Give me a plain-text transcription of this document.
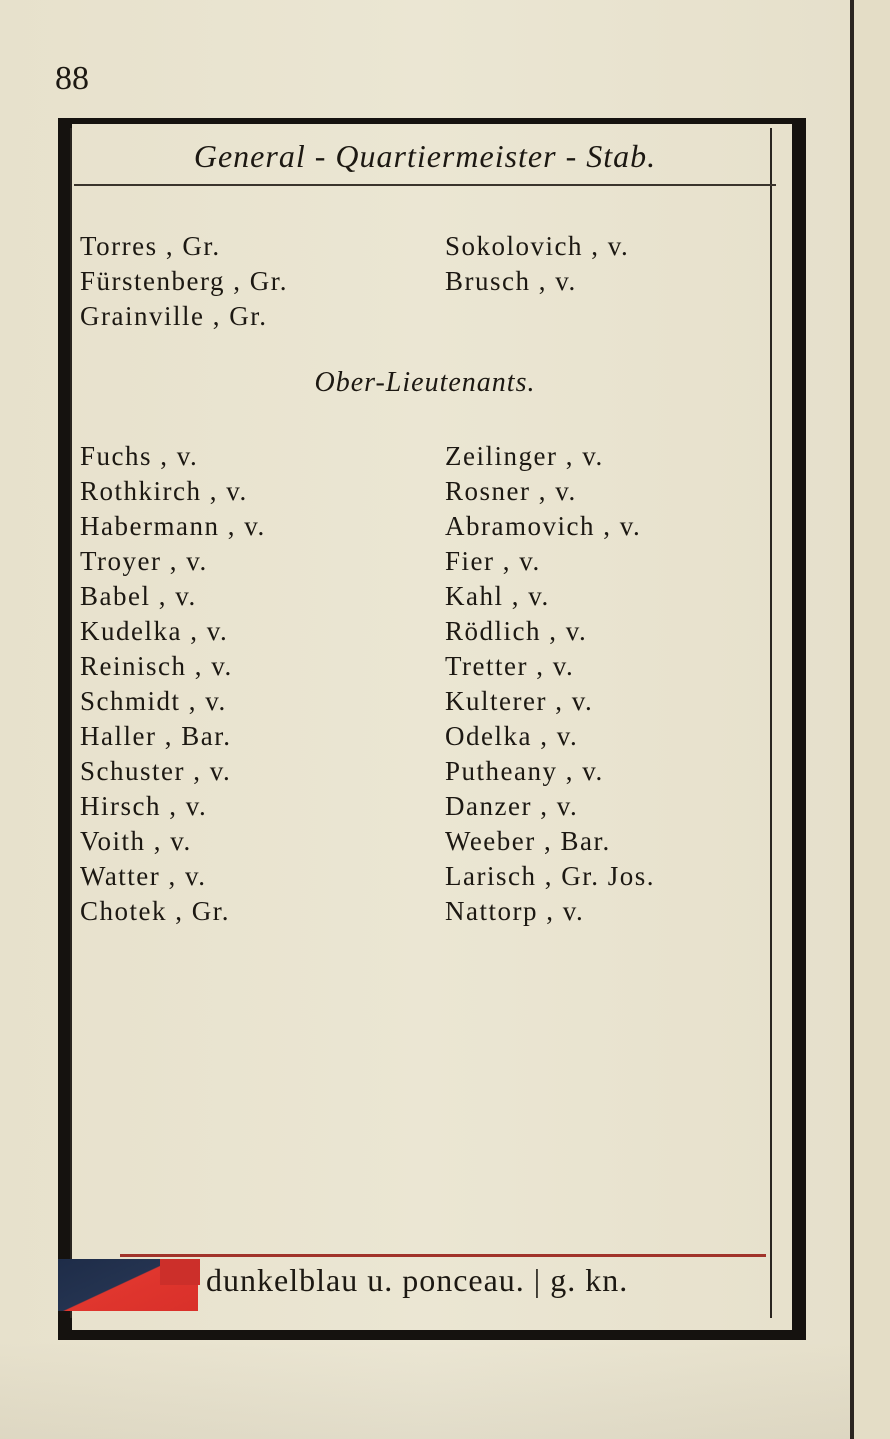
88
General - Quartiermeister - Stab.
Torres , Gr.
Fürstenberg , Gr.
Grainville , Gr.
Sokolovich , v.
Brusch , v.
Ober-Lieutenants.
Fuchs , v.
Rothkirch , v.
Habermann , v.
Troyer , v.
Babel , v.
Kudelka , v.
Reinisch , v.
Schmidt , v.
Haller , Bar.
Schuster , v.
Hirsch , v.
Voith , v.
Watter , v.
Chotek , Gr.
Zeilinger , v.
Rosner , v.
Abramovich , v.
Fier , v.
Kahl , v.
Rödlich , v.
Tretter , v.
Kulterer , v.
Odelka , v.
Putheany , v.
Danzer , v.
Weeber , Bar.
Larisch , Gr. Jos.
Nattorp , v.
dunkelblau u. ponceau. | g. kn.
